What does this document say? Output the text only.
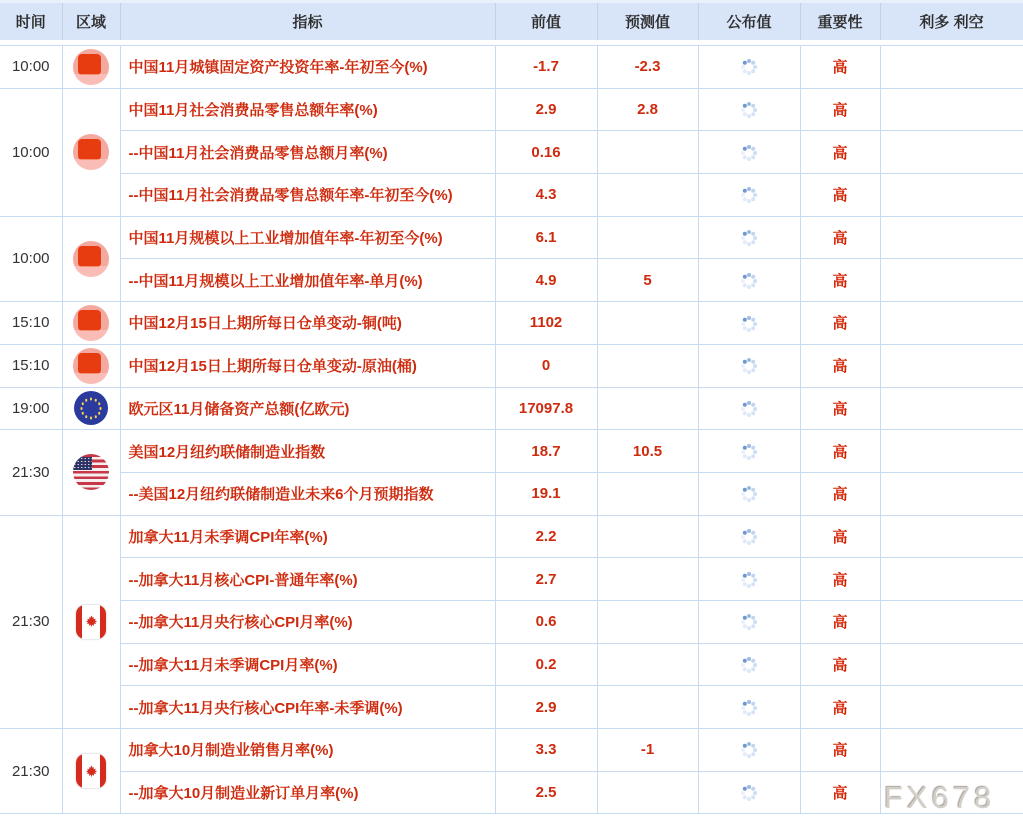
时间	区域	指标	前值	预测值	公布值	重要性	利多 利空

10:00		中国11月城镇固定资产投资年率-年初至今(%)	-1.7	-2.3		高	
10:00		中国11月社会消费品零售总额年率(%)	2.9	2.8		高	
		--中国11月社会消费品零售总额月率(%)	0.16			高	
		--中国11月社会消费品零售总额年率-年初至今(%)	4.3			高	
10:00		中国11月规模以上工业增加值年率-年初至今(%)	6.1			高	
		--中国11月规模以上工业增加值年率-单月(%)	4.9	5		高	
15:10		中国12月15日上期所每日仓单变动-铜(吨)	1102			高	
15:10		中国12月15日上期所每日仓单变动-原油(桶)	0			高	
19:00		欧元区11月储备资产总额(亿欧元)	17097.8			高	
21:30		美国12月纽约联储制造业指数	18.7	10.5		高	
		--美国12月纽约联储制造业未来6个月预期指数	19.1			高	
21:30		加拿大11月未季调CPI年率(%)	2.2			高	
		--加拿大11月核心CPI-普通年率(%)	2.7			高	
		--加拿大11月央行核心CPI月率(%)	0.6			高	
		--加拿大11月未季调CPI月率(%)	0.2			高	
		--加拿大11月央行核心CPI年率-未季调(%)	2.9			高	
21:30		加拿大10月制造业销售月率(%)	3.3	-1		高	
		--加拿大10月制造业新订单月率(%)	2.5			高	FX678
